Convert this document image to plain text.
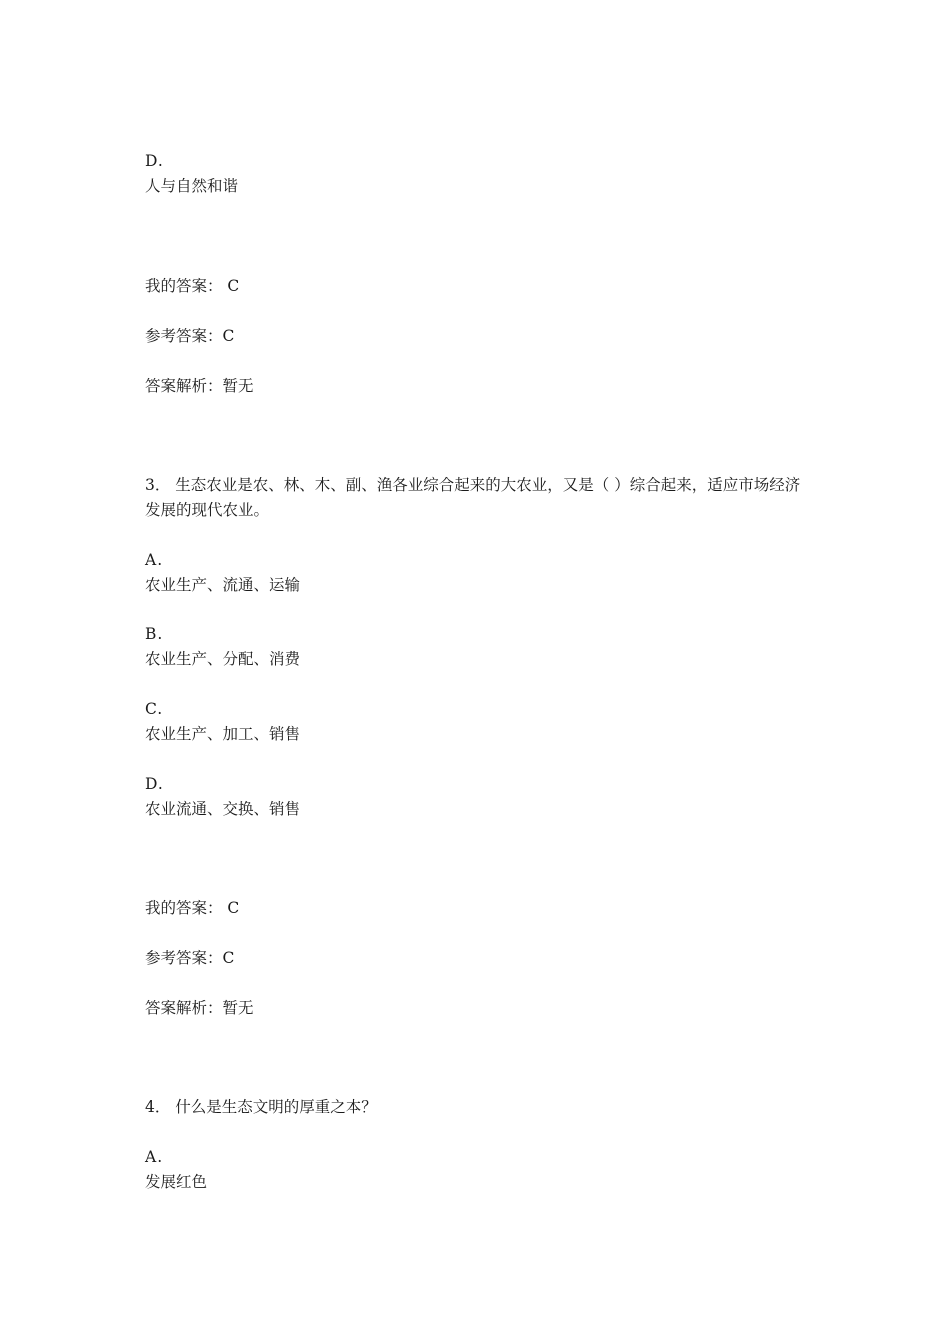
D.
人与自然和谐
我的答案： C
参考答案：C
答案解析：暂无
3． 生态农业是农、林、木、副、渔各业综合起来的大农业，又是（ ）综合起来，适应市场经济发展的现代农业。
A.
农业生产、流通、运输
B.
农业生产、分配、消费
C.
农业生产、加工、销售
D.
农业流通、交换、销售
我的答案： C
参考答案：C
答案解析：暂无
4． 什么是生态文明的厚重之本？
A.
发展红色
